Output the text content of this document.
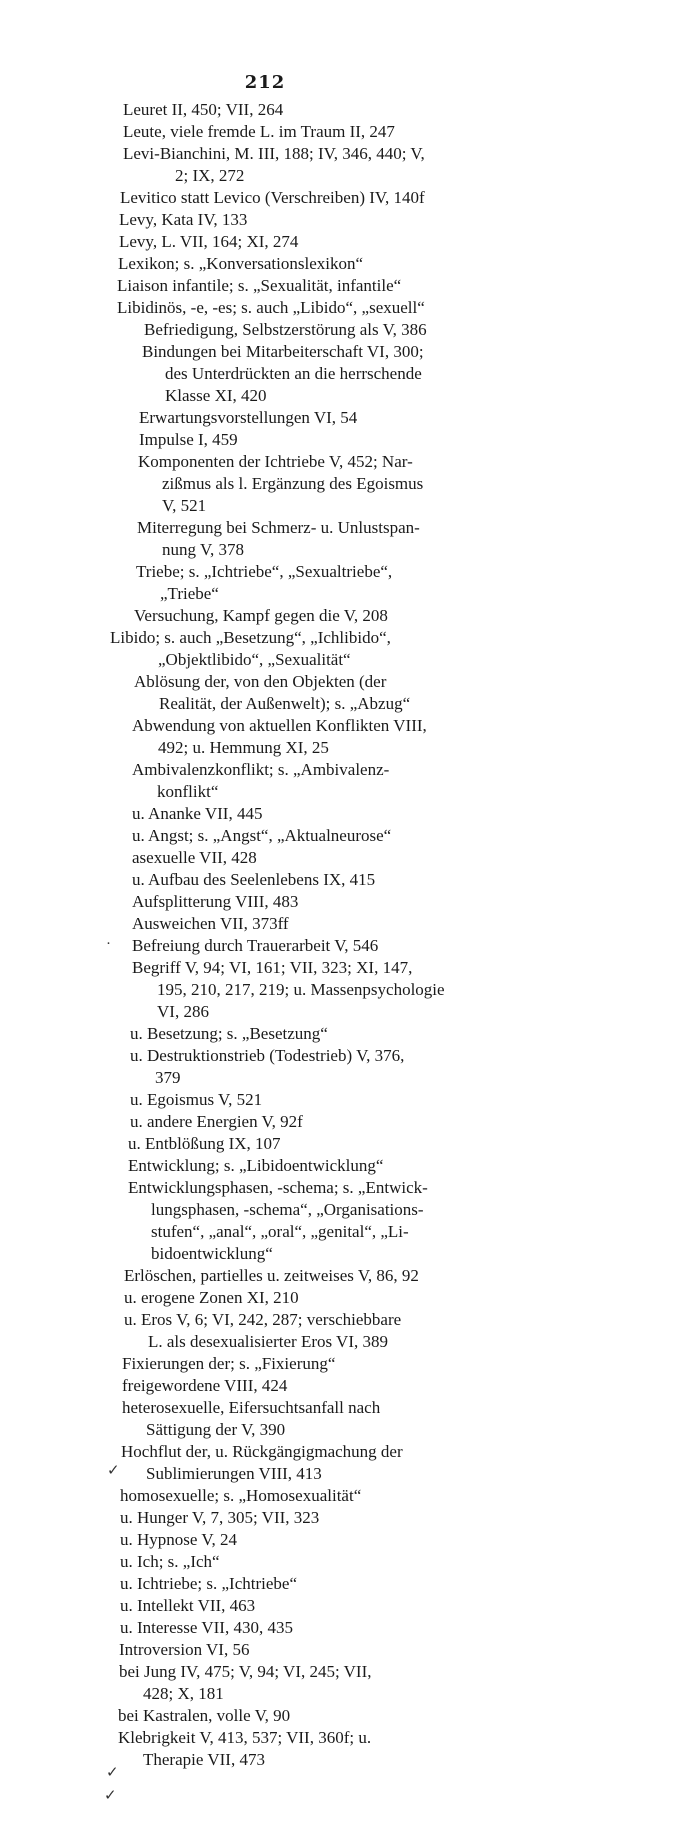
212
Leuret II, 450; VII, 264
Leute, viele fremde L. im Traum II, 247
Levi-Bianchini, M. III, 188; IV, 346, 440; V,
2; IX, 272
Levitico statt Levico (Verschreiben) IV, 140f
Levy, Kata IV, 133
Levy, L. VII, 164; XI, 274
Lexikon; s. „Konversationslexikon“
Liaison infantile; s. „Sexualität, infantile“
Libidinös, -e, -es; s. auch „Libido“, „sexuell“
Befriedigung, Selbstzerstörung als V, 386
Bindungen bei Mitarbeiterschaft VI, 300;
des Unterdrückten an die herrschende
Klasse XI, 420
Erwartungsvorstellungen VI, 54
Impulse I, 459
Komponenten der Ichtriebe V, 452; Nar-
zißmus als l. Ergänzung des Egoismus
V, 521
Miterregung bei Schmerz- u. Unlustspan-
nung V, 378
Triebe; s. „Ichtriebe“, „Sexualtriebe“,
„Triebe“
Versuchung, Kampf gegen die V, 208
Libido; s. auch „Besetzung“, „Ichlibido“,
„Objektlibido“, „Sexualität“
Ablösung der, von den Objekten (der
Realität, der Außenwelt); s. „Abzug“
Abwendung von aktuellen Konflikten VIII,
492; u. Hemmung XI, 25
Ambivalenzkonflikt; s. „Ambivalenz-
konflikt“
u. Ananke VII, 445
u. Angst; s. „Angst“, „Aktualneurose“
asexuelle VII, 428
u. Aufbau des Seelenlebens IX, 415
Aufsplitterung VIII, 483
Ausweichen VII, 373ff
Befreiung durch Trauerarbeit V, 546
Begriff V, 94; VI, 161; VII, 323; XI, 147,
195, 210, 217, 219; u. Massenpsychologie
VI, 286
u. Besetzung; s. „Besetzung“
u. Destruktionstrieb (Todestrieb) V, 376,
379
u. Egoismus V, 521
u. andere Energien V, 92f
u. Entblößung IX, 107
Entwicklung; s. „Libidoentwicklung“
Entwicklungsphasen, -schema; s. „Entwick-
lungsphasen, -schema“, „Organisations-
stufen“, „anal“, „oral“, „genital“, „Li-
bidoentwicklung“
Erlöschen, partielles u. zeitweises V, 86, 92
u. erogene Zonen XI, 210
u. Eros V, 6; VI, 242, 287; verschiebbare
L. als desexualisierter Eros VI, 389
Fixierungen der; s. „Fixierung“
freigewordene VIII, 424
heterosexuelle, Eifersuchtsanfall nach
Sättigung der V, 390
Hochflut der, u. Rückgängigmachung der
Sublimierungen VIII, 413
homosexuelle; s. „Homosexualität“
u. Hunger V, 7, 305; VII, 323
u. Hypnose V, 24
u. Ich; s. „Ich“
u. Ichtriebe; s. „Ichtriebe“
u. Intellekt VII, 463
u. Interesse VII, 430, 435
Introversion VI, 56
bei Jung IV, 475; V, 94; VI, 245; VII,
428; X, 181
bei Kastralen, volle V, 90
Klebrigkeit V, 413, 537; VII, 360f; u.
Therapie VII, 473
·
✓
✓
✓
